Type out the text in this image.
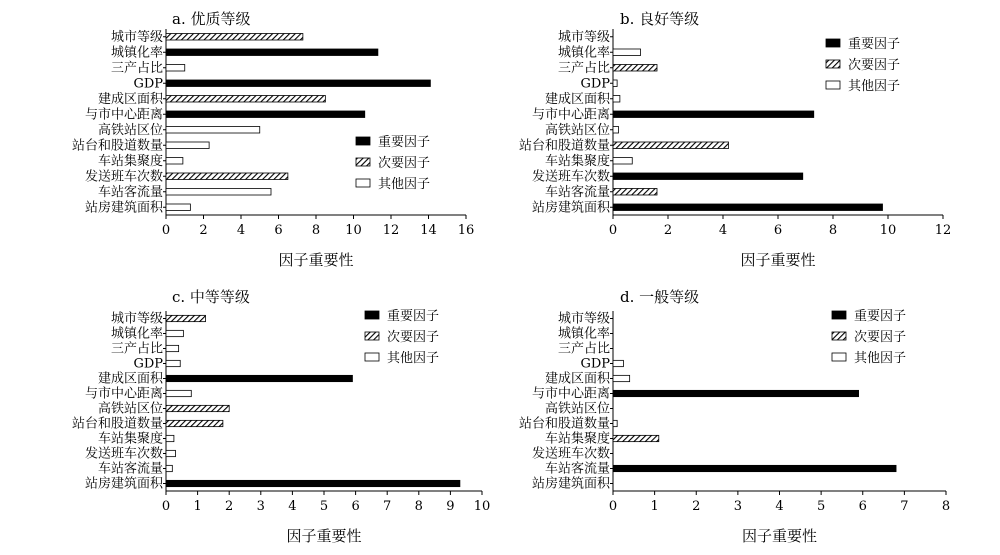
a. 优质等级
0 2 4 6 8 10 12 14 16
因子重要性
城市等级
城镇化率
三产占比
GDP
建成区面积
与市中心距离
高铁站区位
站台和股道数量
车站集聚度
发送班车次数
车站客流量
站房建筑面积
重要因子
次要因子
其他因子
b. 良好等级
0	2	4	6	8	10	12
因子重要性
城市等级
城镇化率
三产占比
GDP
建成区面积
与市中心距离
高铁站区位
站台和股道数量
车站集聚度
发送班车次数
车站客流量
站房建筑面积
重要因子
次要因子
其他因子
c. 中等等级
0 1 2 3 4 5 6 7 8 9 10
因子重要性
城市等级
城镇化率
三产占比
GDP
建成区面积
与市中心距离
高铁站区位
站台和股道数量
车站集聚度
发送班车次数
车站客流量
站房建筑面积
重要因子
次要因子
其他因子
d. 一般等级
0	1	2	3	4	5	6	7	8
因子重要性
城市等级
城镇化率
三产占比
GDP
建成区面积
与市中心距离
高铁站区位
站台和股道数量
车站集聚度
发送班车次数
车站客流量
站房建筑面积
重要因子
次要因子
其他因子
